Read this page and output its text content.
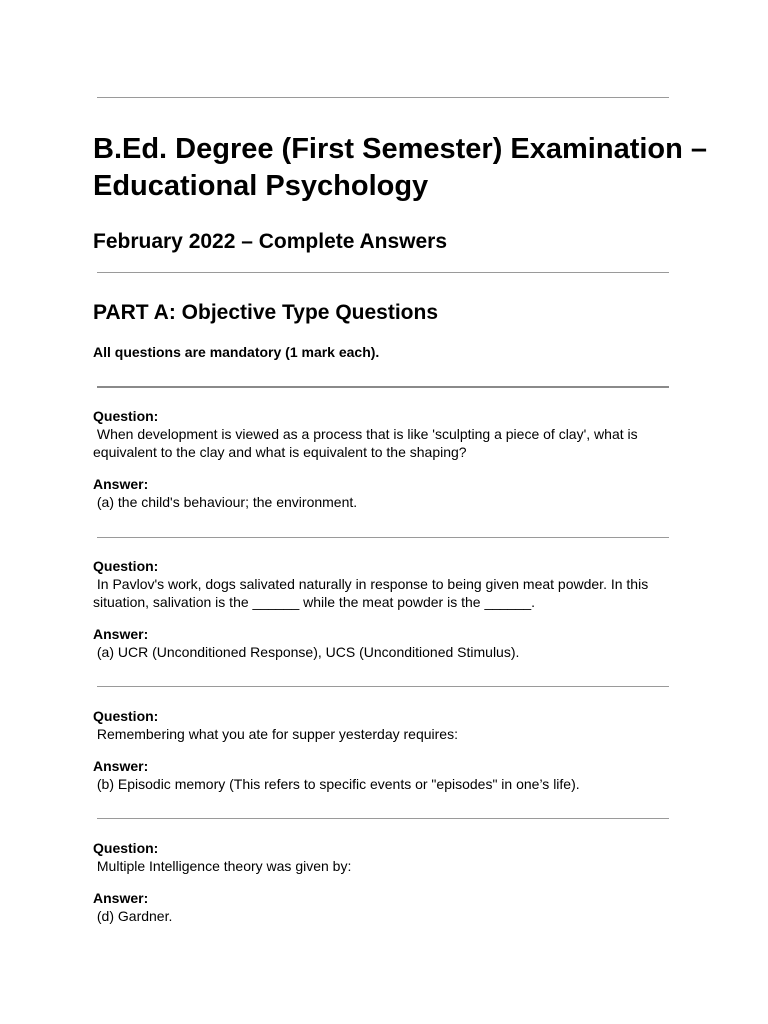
B.Ed. Degree (First Semester) Examination – Educational Psychology
February 2022 – Complete Answers
PART A: Objective Type Questions

All questions are mandatory (1 mark each).

Question:
When development is viewed as a process that is like 'sculpting a piece of clay', what is equivalent to the clay and what is equivalent to the shaping?
Answer:
(a) the child's behaviour; the environment.
Question:
In Pavlov's work, dogs salivated naturally in response to being given meat powder. In this situation, salivation is the ______ while the meat powder is the ______.
Answer:
(a) UCR (Unconditioned Response), UCS (Unconditioned Stimulus).
Question:
Remembering what you ate for supper yesterday requires:
Answer:
(b) Episodic memory (This refers to specific events or "episodes" in one’s life).
Question:
Multiple Intelligence theory was given by:
Answer:
(d) Gardner.
